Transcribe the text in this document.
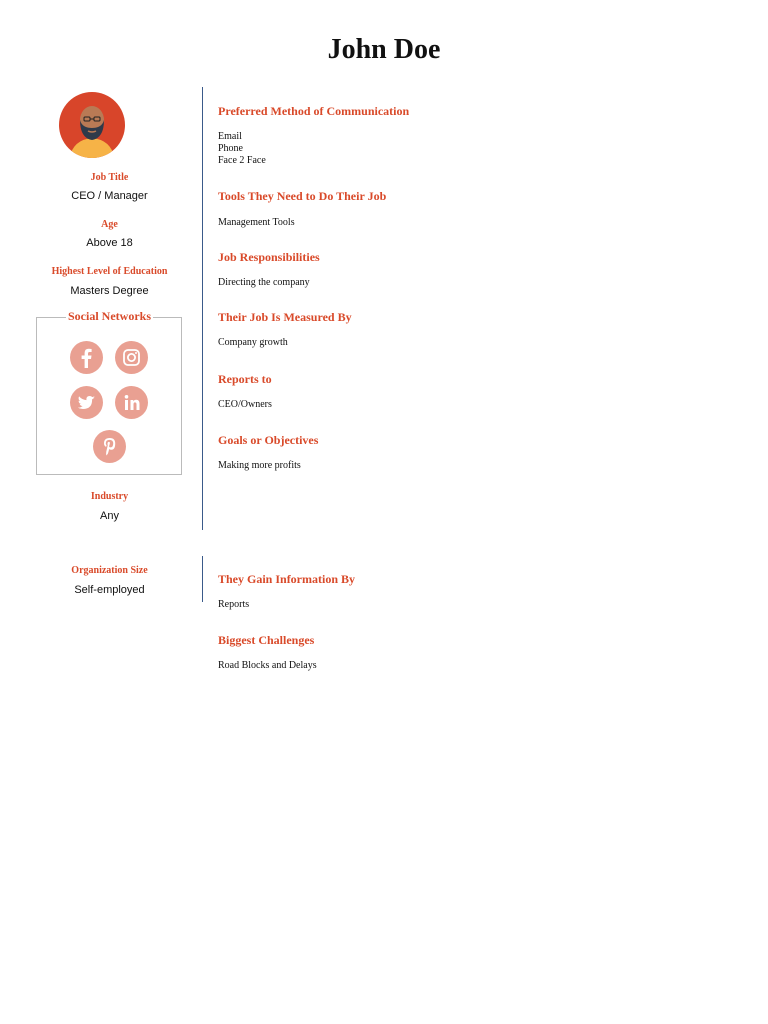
John Doe
Job Title
CEO / Manager
Age
Above 18
Highest Level of Education
Masters Degree
Industry
Any
Organization Size
Self-employed
Social Networks
Preferred Method of Communication
Email
Phone
Face 2 Face
Tools They Need to Do Their Job
Management Tools
Job Responsibilities
Directing the company
Their Job Is Measured By
Company growth
Reports to
CEO/Owners
Goals or Objectives
Making more profits
They Gain Information By
Reports
Biggest Challenges
Road Blocks and Delays
